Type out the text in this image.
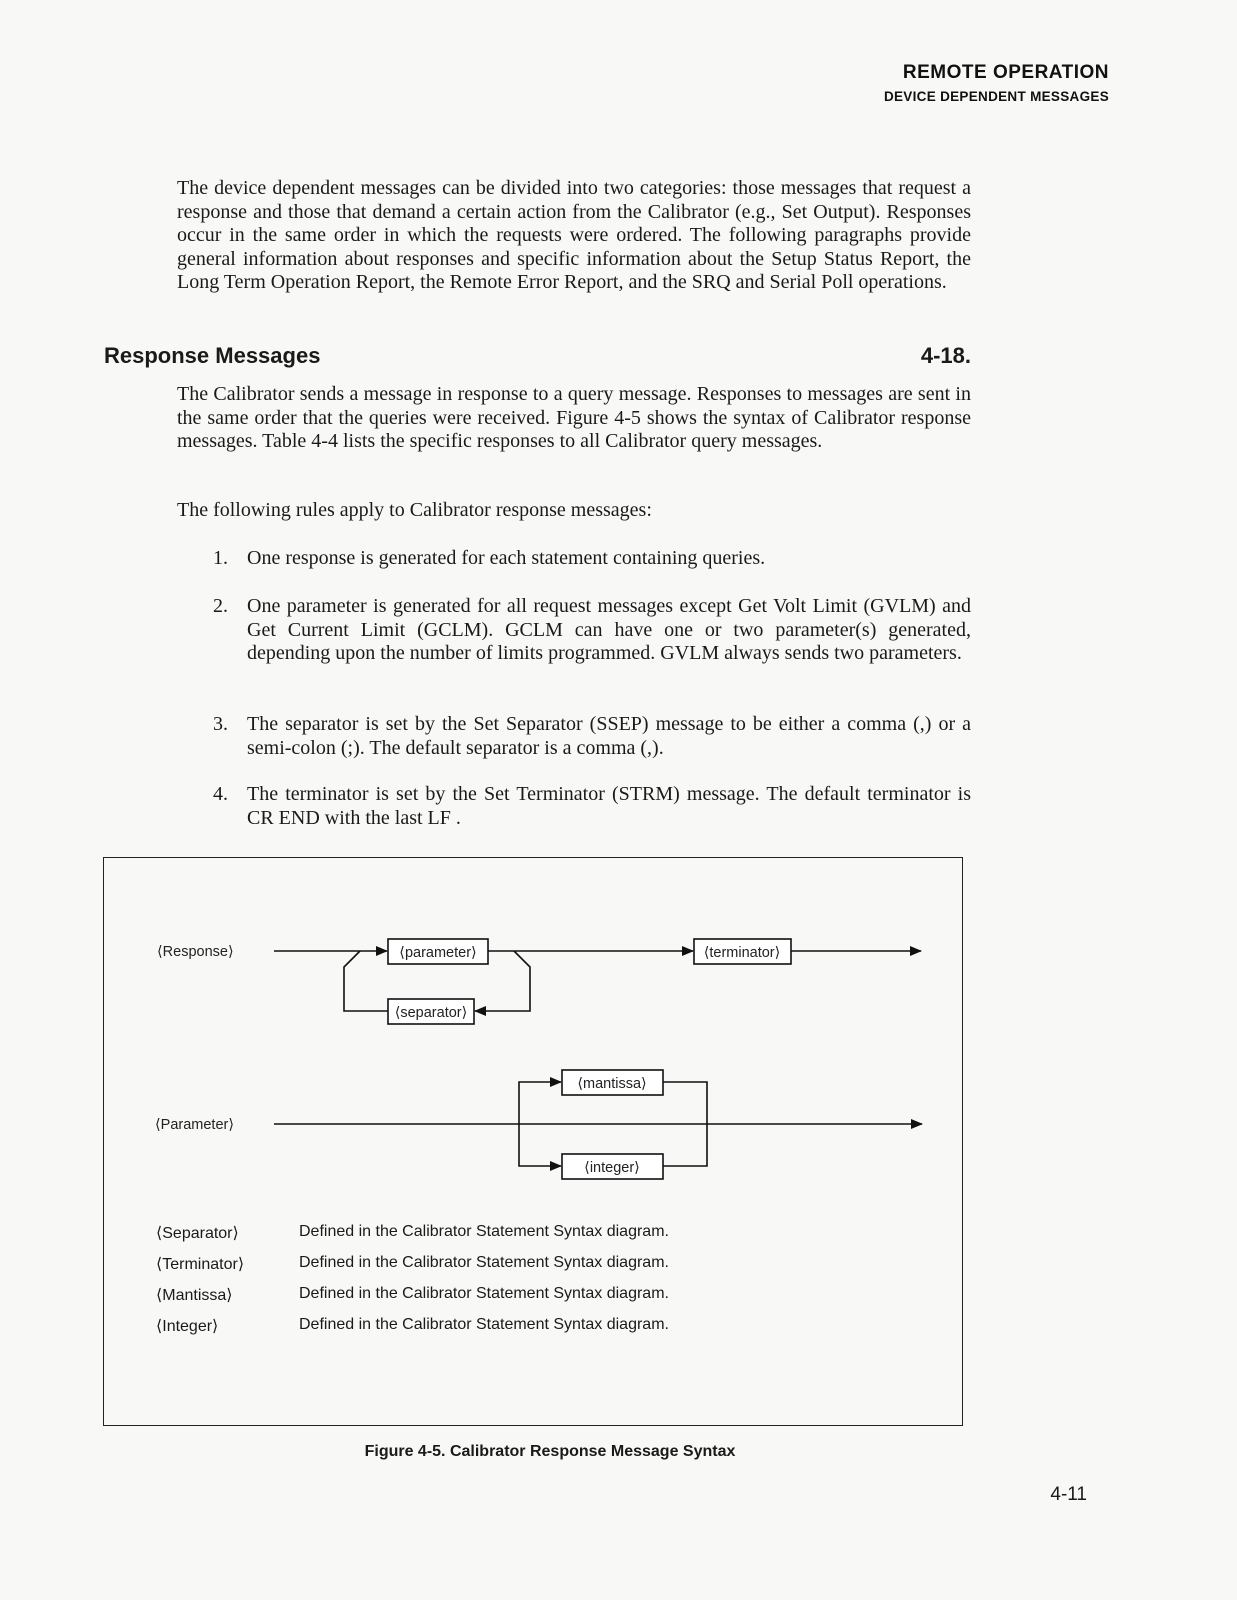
REMOTE OPERATION
DEVICE DEPENDENT MESSAGES

The device dependent messages can be divided into two categories: those messages that request a response and those that demand a certain action from the Calibrator (e.g., Set Output). Responses occur in the same order in which the requests were ordered. The following paragraphs provide general information about responses and specific information about the Setup Status Report, the Long Term Operation Report, the Remote Error Report, and the SRQ and Serial Poll operations.

Response Messages	4-18.

The Calibrator sends a message in response to a query message. Responses to messages are sent in the same order that the queries were received. Figure 4-5 shows the syntax of Calibrator response messages. Table 4-4 lists the specific responses to all Calibrator query messages.

The following rules apply to Calibrator response messages:

1. One response is generated for each statement containing queries.
2. One parameter is generated for all request messages except Get Volt Limit (GVLM) and Get Current Limit (GCLM). GCLM can have one or two parameter(s) generated, depending upon the number of limits programmed. GVLM always sends two parameters.
3. The separator is set by the Set Separator (SSEP) message to be either a comma (,) or a semi-colon (;). The default separator is a comma (,).
4. The terminator is set by the Set Terminator (STRM) message. The default terminator is CR END with the last LF .
⟨Response⟩	⟨parameter⟩
⟨separator⟩
⟨terminator⟩
⟨Parameter⟩
⟨mantissa⟩
⟨integer⟩
⟨Separator⟩	Defined in the Calibrator Statement Syntax diagram.
⟨Terminator⟩	Defined in the Calibrator Statement Syntax diagram.
⟨Mantissa⟩	Defined in the Calibrator Statement Syntax diagram.
⟨Integer⟩	Defined in the Calibrator Statement Syntax diagram.
Figure 4-5. Calibrator Response Message Syntax
4-11
